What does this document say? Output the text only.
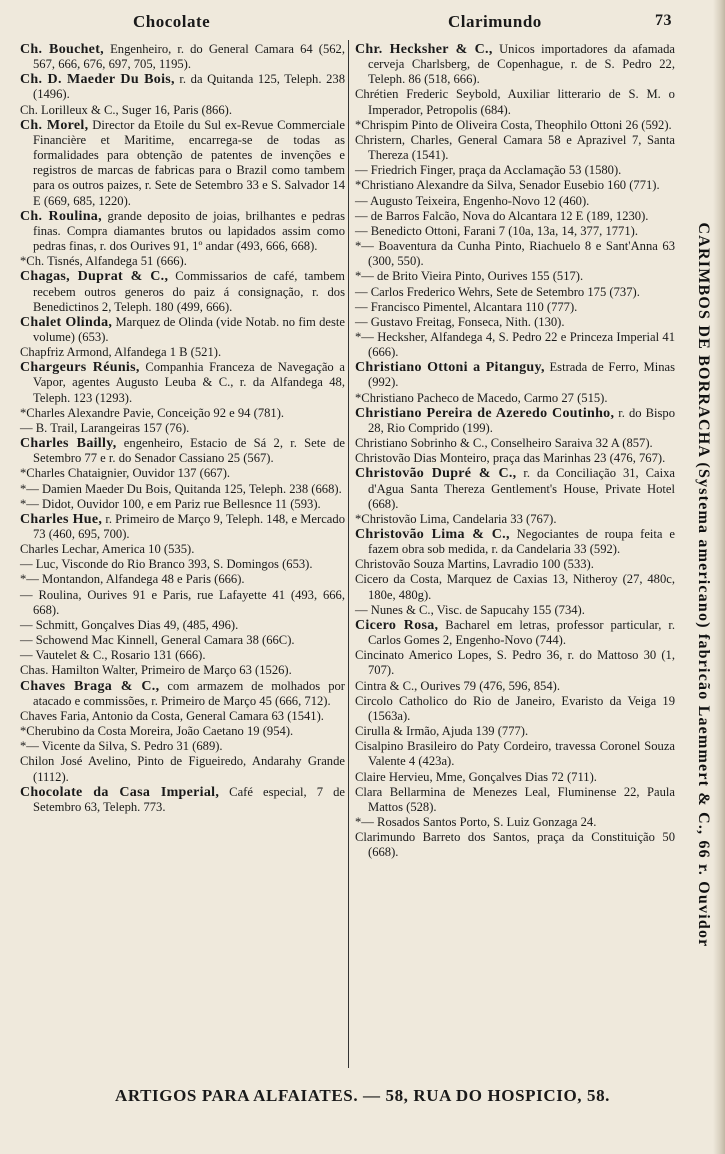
Chocolate	Clarimundo	73

Ch. Bouchet, Engenheiro, r. do General Camara 64 (562, 567, 666, 676, 697, 705, 1195).

Ch. D. Maeder Du Bois, r. da Quitanda 125, Teleph. 238 (1496).

Ch. Lorilleux & C., Suger 16, Paris (866).

Ch. Morel, Director da Etoile du Sul ex-Revue Commerciale Financière et Maritime, encarrega-se de todas as formalidades para obtenção de patentes de invenções e registros de marcas de fabricas para o Brazil como tambem para os outros paizes, r. Sete de Setembro 33 e S. Salvador 14 E (669, 685, 1220).

Ch. Roulina, grande deposito de joias, brilhantes e pedras finas. Compra diamantes brutos ou lapidados assim como pedras finas, r. dos Ourives 91, 1º andar (493, 666, 668).

*Ch. Tisnés, Alfandega 51 (666).

Chagas, Duprat & C., Commissarios de café, tambem recebem outros generos do paiz á consignação, r. dos Benedictinos 2, Teleph. 180 (499, 666).

Chalet Olinda, Marquez de Olinda (vide Notab. no fim deste volume) (653).

Chapfriz Armond, Alfandega 1 B (521).

Chargeurs Réunis, Companhia Franceza de Navegação a Vapor, agentes Augusto Leuba & C., r. da Alfandega 48, Teleph. 123 (1293).

*Charles Alexandre Pavie, Conceição 92 e 94 (781).

— B. Trail, Larangeiras 157 (76).

Charles Bailly, engenheiro, Estacio de Sá 2, r. Sete de Setembro 77 e r. do Senador Cassiano 25 (567).

*Charles Chataignier, Ouvidor 137 (667).

*— Damien Maeder Du Bois, Quitanda 125, Teleph. 238 (668).

*— Didot, Ouvidor 100, e em Pariz rue Bellesnce 11 (593).

Charles Hue, r. Primeiro de Março 9, Teleph. 148, e Mercado 73 (460, 695, 700).

Charles Lechar, America 10 (535).

— Luc, Visconde do Rio Branco 393, S. Domingos (653).

*— Montandon, Alfandega 48 e Paris (666).

— Roulina, Ourives 91 e Paris, rue Lafayette 41 (493, 666, 668).

— Schmitt, Gonçalves Dias 49, (485, 496).

— Schowend Mac Kinnell, General Camara 38 (66C).

— Vautelet & C., Rosario 131 (666).

Chas. Hamilton Walter, Primeiro de Março 63 (1526).

Chaves Braga & C., com armazem de molhados por atacado e commissões, r. Primeiro de Março 45 (666, 712).

Chaves Faria, Antonio da Costa, General Camara 63 (1541).

*Cherubino da Costa Moreira, João Caetano 19 (954).

*— Vicente da Silva, S. Pedro 31 (689).

Chilon José Avelino, Pinto de Figueiredo, Andarahy Grande (1112).

Chocolate da Casa Imperial, Café especial, 7 de Setembro 63, Teleph. 773.

Chr. Hecksher & C., Unicos importadores da afamada cerveja Charlsberg, de Copenhague, r. de S. Pedro 22, Teleph. 86 (518, 666).

Chrétien Frederic Seybold, Auxiliar litterario de S. M. o Imperador, Petropolis (684).

*Chrispim Pinto de Oliveira Costa, Theophilo Ottoni 26 (592).

Christern, Charles, General Camara 58 e Aprazivel 7, Santa Thereza (1541).

— Friedrich Finger, praça da Acclamação 53 (1580).

*Christiano Alexandre da Silva, Senador Eusebio 160 (771).

— Augusto Teixeira, Engenho-Novo 12 (460).

— de Barros Falcão, Nova do Alcantara 12 E (189, 1230).

— Benedicto Ottoni, Farani 7 (10a, 13a, 14, 377, 1771).

*— Boaventura da Cunha Pinto, Riachuelo 8 e Sant'Anna 63 (300, 550).

*— de Brito Vieira Pinto, Ourives 155 (517).

— Carlos Frederico Wehrs, Sete de Setembro 175 (737).

— Francisco Pimentel, Alcantara 110 (777).

— Gustavo Freitag, Fonseca, Nith. (130).

*— Hecksher, Alfandega 4, S. Pedro 22 e Princeza Imperial 41 (666).

Christiano Ottoni a Pitanguy, Estrada de Ferro, Minas (992).

*Christiano Pacheco de Macedo, Carmo 27 (515).

Christiano Pereira de Azeredo Coutinho, r. do Bispo 28, Rio Comprido (199).

Christiano Sobrinho & C., Conselheiro Saraiva 32 A (857).

Christovão Dias Monteiro, praça das Marinhas 23 (476, 767).

Christovão Dupré & C., r. da Conciliação 31, Caixa d'Agua Santa Thereza Gentlement's House, Private Hotel (668).

*Christovão Lima, Candelaria 33 (767).

Christovão Lima & C., Negociantes de roupa feita e fazem obra sob medida, r. da Candelaria 33 (592).

Christovão Souza Martins, Lavradio 100 (533).

Cicero da Costa, Marquez de Caxias 13, Nitheroy (27, 480c, 180e, 480g).

— Nunes & C., Visc. de Sapucahy 155 (734).

Cicero Rosa, Bacharel em letras, professor particular, r. Carlos Gomes 2, Engenho-Novo (744).

Cincinato Americo Lopes, S. Pedro 36, r. do Mattoso 30 (1, 707).

Cintra & C., Ourives 79 (476, 596, 854).

Circolo Catholico do Rio de Janeiro, Evaristo da Veiga 19 (1563a).

Cirulla & Irmão, Ajuda 139 (777).

Cisalpino Brasileiro do Paty Cordeiro, travessa Coronel Souza Valente 4 (423a).

Claire Hervieu, Mme, Gonçalves Dias 72 (711).

Clara Bellarmina de Menezes Leal, Fluminense 22, Paula Mattos (528).

*— Rosados Santos Porto, S. Luiz Gonzaga 24.

Clarimundo Barreto dos Santos, praça da Constituição 50 (668).	CARIMBOS DE BORRACHA (Systema americano) fabricão Laemmert & C., 66 r. Ouvidor
ARTIGOS PARA ALFAIATES. — 58, RUA DO HOSPICIO, 58.
